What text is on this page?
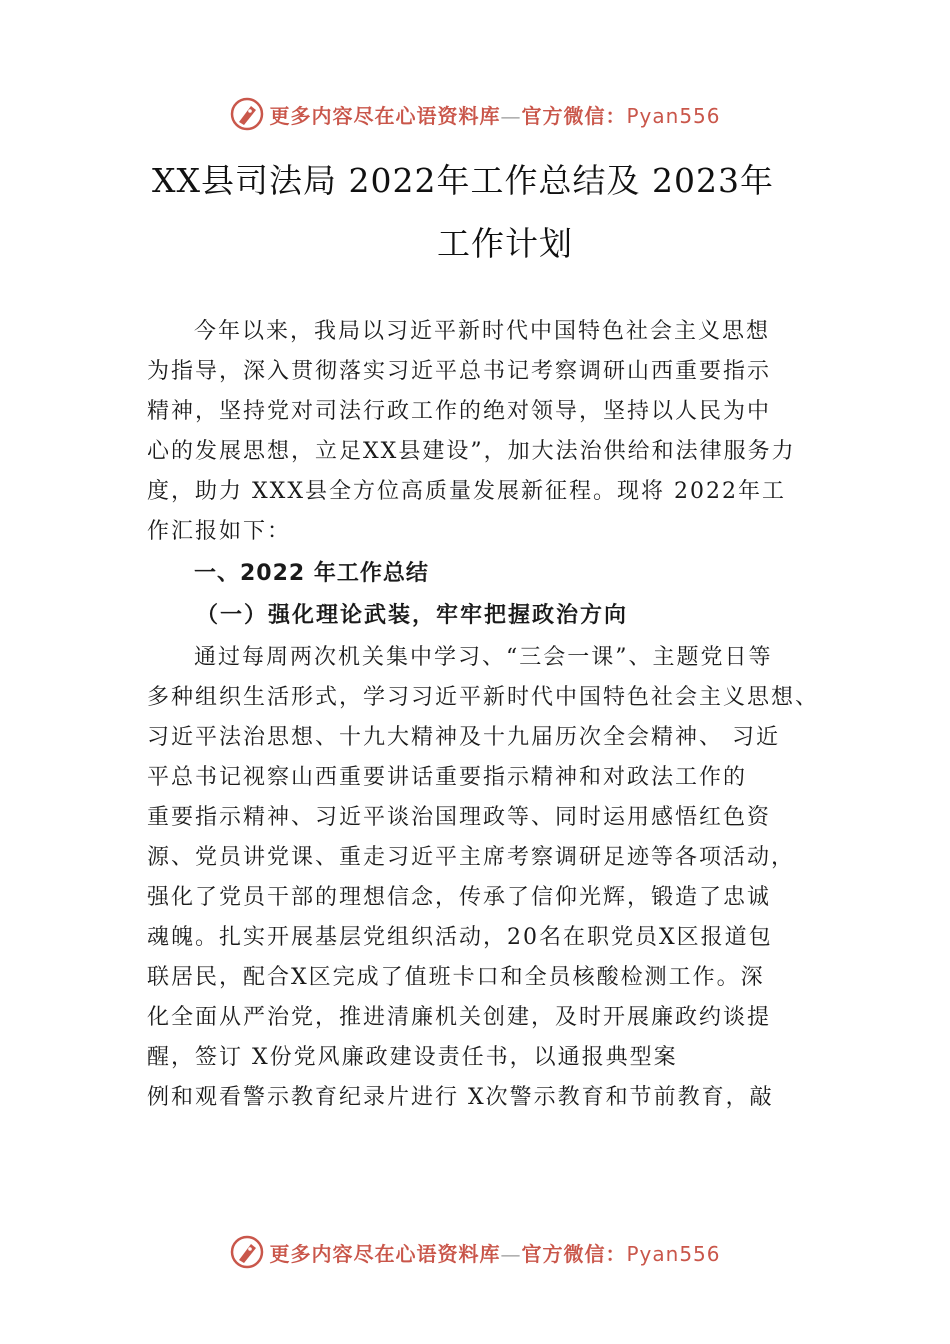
更多内容尽在心语资料库—官方微信：Pyan556
XX县司法局 2022年工作总结及 2023年
工作计划

今年以来，我局以习近平新时代中国特色社会主义思想

为指导，深入贯彻落实习近平总书记考察调研山西重要指示

精神，坚持党对司法行政工作的绝对领导，坚持以人民为中

心的发展思想，立足XX县建设”，加大法治供给和法律服务力

度，助力 XXX县全方位高质量发展新征程。现将 2022年工

作汇报如下：

一、2022 年工作总结

（一）强化理论武装，牢牢把握政治方向

通过每周两次机关集中学习、“三会一课”、主题党日等

多种组织生活形式，学习习近平新时代中国特色社会主义思想、

习近平法治思想、十九大精神及十九届历次全会精神、 习近

平总书记视察山西重要讲话重要指示精神和对政法工作的

重要指示精神、习近平谈治国理政等、同时运用感悟红色资

源、党员讲党课、重走习近平主席考察调研足迹等各项活动，

强化了党员干部的理想信念，传承了信仰光辉，锻造了忠诚

魂魄。扎实开展基层党组织活动，20名在职党员X区报道包

联居民，配合X区完成了值班卡口和全员核酸检测工作。深

化全面从严治党，推进清廉机关创建，及时开展廉政约谈提

醒，签订 X份党风廉政建设责任书，以通报典型案

例和观看警示教育纪录片进行 X次警示教育和节前教育，敲

更多内容尽在心语资料库—官方微信：Pyan556
